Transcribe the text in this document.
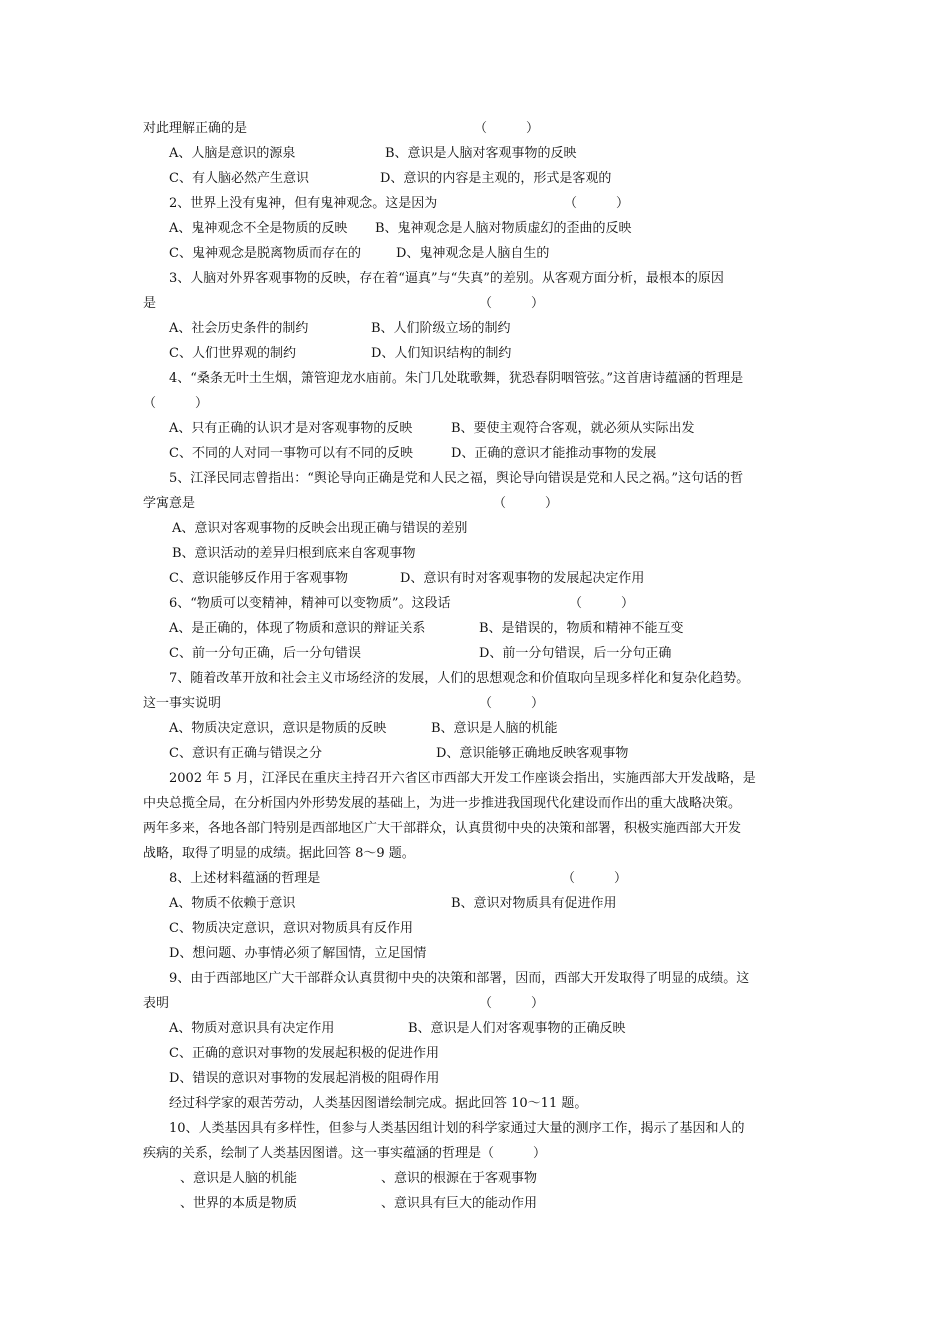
对此理解正确的是	（　　　）
A、人脑是意识的源泉	B、意识是人脑对客观事物的反映
C、有人脑必然产生意识	D、意识的内容是主观的，形式是客观的
2、世界上没有鬼神，但有鬼神观念。这是因为	（　　　）
A、鬼神观念不全是物质的反映 B、鬼神观念是人脑对物质虚幻的歪曲的反映
C、鬼神观念是脱离物质而存在的	D、鬼神观念是人脑自生的
3、人脑对外界客观事物的反映，存在着“逼真”与“失真”的差别。从客观方面分析，最根本的原因
是	（　　　）
A、社会历史条件的制约	B、人们阶级立场的制约
C、人们世界观的制约	D、人们知识结构的制约
4、“桑条无叶土生烟，箫管迎龙水庙前。朱门几处耽歌舞，犹恐春阴咽管弦。”这首唐诗蕴涵的哲理是
（　　　）
A、只有正确的认识才是对客观事物的反映	B、要使主观符合客观，就必须从实际出发
C、不同的人对同一事物可以有不同的反映	D、正确的意识才能推动事物的发展
5、江泽民同志曾指出：“舆论导向正确是党和人民之福，舆论导向错误是党和人民之祸。”这句话的哲
学寓意是	（　　　）
A、意识对客观事物的反映会出现正确与错误的差别
B、意识活动的差异归根到底来自客观事物
C、意识能够反作用于客观事物	D、意识有时对客观事物的发展起决定作用
6、“物质可以变精神，精神可以变物质”。这段话	（　　　）
A、是正确的，体现了物质和意识的辩证关系	B、是错误的，物质和精神不能互变
C、前一分句正确，后一分句错误	D、前一分句错误，后一分句正确
7、随着改革开放和社会主义市场经济的发展，人们的思想观念和价值取向呈现多样化和复杂化趋势。
这一事实说明	（　　　）
A、物质决定意识，意识是物质的反映	B、意识是人脑的机能
C、意识有正确与错误之分	D、意识能够正确地反映客观事物
2002 年 5 月，江泽民在重庆主持召开六省区市西部大开发工作座谈会指出，实施西部大开发战略，是
中央总揽全局，在分析国内外形势发展的基础上，为进一步推进我国现代化建设而作出的重大战略决策。
两年多来，各地各部门特别是西部地区广大干部群众，认真贯彻中央的决策和部署，积极实施西部大开发
战略，取得了明显的成绩。据此回答 8～9 题。
8、上述材料蕴涵的哲理是	（　　　）
A、物质不依赖于意识	B、意识对物质具有促进作用
C、物质决定意识，意识对物质具有反作用
D、想问题、办事情必须了解国情，立足国情
9、由于西部地区广大干部群众认真贯彻中央的决策和部署，因而，西部大开发取得了明显的成绩。这
表明	（　　　）
A、物质对意识具有决定作用	B、意识是人们对客观事物的正确反映
C、正确的意识对事物的发展起积极的促进作用
D、错误的意识对事物的发展起消极的阻碍作用
经过科学家的艰苦劳动，人类基因图谱绘制完成。据此回答 10～11 题。
10、人类基因具有多样性，但参与人类基因组计划的科学家通过大量的测序工作，揭示了基因和人的
疾病的关系，绘制了人类基因图谱。这一事实蕴涵的哲理是（　　　）
、意识是人脑的机能	、意识的根源在于客观事物
、世界的本质是物质	、意识具有巨大的能动作用
